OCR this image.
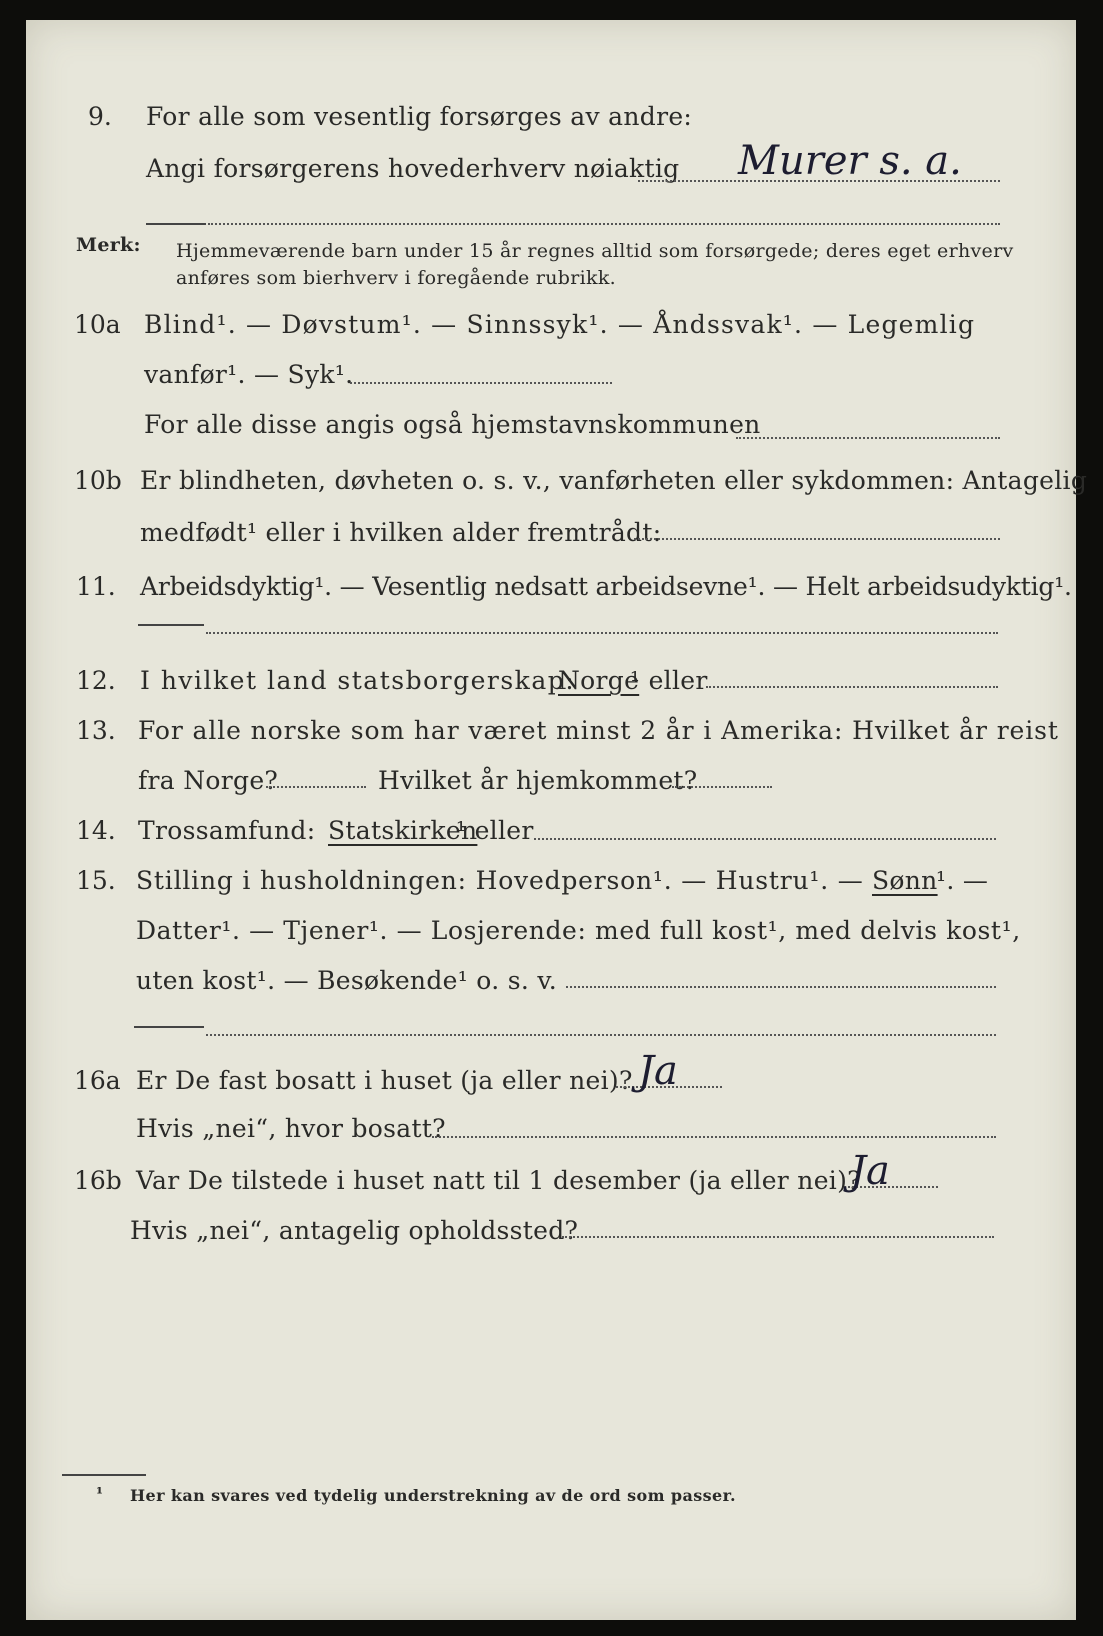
9. For alle som vesentlig forsørges av andre:
Angi forsørgerens hovederhverv nøiaktig Murer s. a.
Merk: Hjemmeværende barn under 15 år regnes alltid som forsørgede; deres eget erhverv
anføres som bierhverv i foregående rubrikk.
10a Blind¹. — Døvstum¹. — Sinnssyk¹. — Åndssvak¹. — Legemlig
vanfør¹. — Syk¹.
For alle disse angis også hjemstavnskommunen
10b Er blindheten, døvheten o. s. v., vanførheten eller sykdommen: Antagelig
medfødt¹ eller i hvilken alder fremtrådt:
11. Arbeidsdyktig¹. — Vesentlig nedsatt arbeidsevne¹. — Helt arbeidsudyktig¹.
12. I hvilket land statsborgerskap:
Norge
¹ eller
13. For alle norske som har været minst 2 år i Amerika: Hvilket år reist
fra Norge?	Hvilket år hjemkommet?
14. Trossamfund: Statskirken
¹ eller
15. Stilling i husholdningen: Hovedperson¹. — Hustru¹. — Sønn
¹. —
Datter¹. — Tjener¹. — Losjerende: med full kost¹, med delvis kost¹,
uten kost¹. — Besøkende¹ o. s. v.
16a Er De fast bosatt i huset (ja eller nei)? Ja
Hvis „nei“, hvor bosatt?
16b Var De tilstede i huset natt til 1 desember (ja eller nei)?
Ja
Hvis „nei“, antagelig opholdssted?
¹ Her kan svares ved tydelig understrekning av de ord som passer.
